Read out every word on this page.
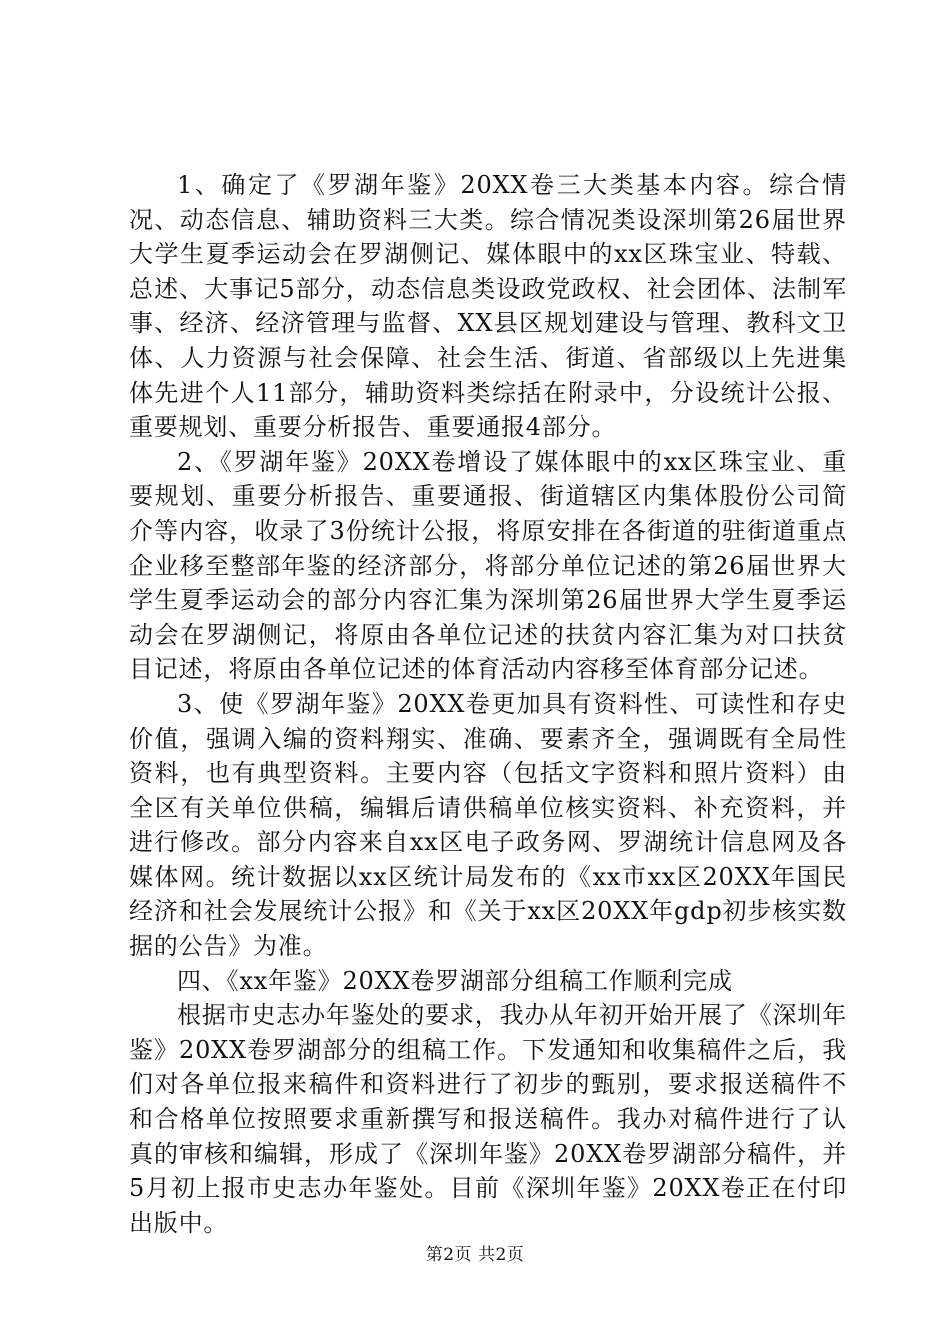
1、确定了《罗湖年鉴》20XX卷三大类基本内容。综合情况、动态信息、辅助资料三大类。综合情况类设深圳第26届世界大学生夏季运动会在罗湖侧记、媒体眼中的xx区珠宝业、特载、总述、大事记5部分，动态信息类设政党政权、社会团体、法制军事、经济、经济管理与监督、XX县区规划建设与管理、教科文卫体、人力资源与社会保障、社会生活、街道、省部级以上先进集体先进个人11部分，辅助资料类综括在附录中，分设统计公报、重要规划、重要分析报告、重要通报4部分。

2、《罗湖年鉴》20XX卷增设了媒体眼中的xx区珠宝业、重要规划、重要分析报告、重要通报、街道辖区内集体股份公司简介等内容，收录了3份统计公报，将原安排在各街道的驻街道重点企业移至整部年鉴的经济部分，将部分单位记述的第26届世界大学生夏季运动会的部分内容汇集为深圳第26届世界大学生夏季运动会在罗湖侧记，将原由各单位记述的扶贫内容汇集为对口扶贫目记述，将原由各单位记述的体育活动内容移至体育部分记述。

3、使《罗湖年鉴》20XX卷更加具有资料性、可读性和存史价值，强调入编的资料翔实、准确、要素齐全，强调既有全局性资料，也有典型资料。主要内容（包括文字资料和照片资料）由全区有关单位供稿，编辑后请供稿单位核实资料、补充资料，并进行修改。部分内容来自xx区电子政务网、罗湖统计信息网及各媒体网。统计数据以xx区统计局发布的《xx市xx区20XX年国民经济和社会发展统计公报》和《关于xx区20XX年gdp初步核实数据的公告》为准。

四、《xx年鉴》20XX卷罗湖部分组稿工作顺利完成

根据市史志办年鉴处的要求，我办从年初开始开展了《深圳年鉴》20XX卷罗湖部分的组稿工作。下发通知和收集稿件之后，我们对各单位报来稿件和资料进行了初步的甄别，要求报送稿件不和合格单位按照要求重新撰写和报送稿件。我办对稿件进行了认真的审核和编辑，形成了《深圳年鉴》20XX卷罗湖部分稿件，并5月初上报市史志办年鉴处。目前《深圳年鉴》20XX卷正在付印出版中。

第2页 共2页
